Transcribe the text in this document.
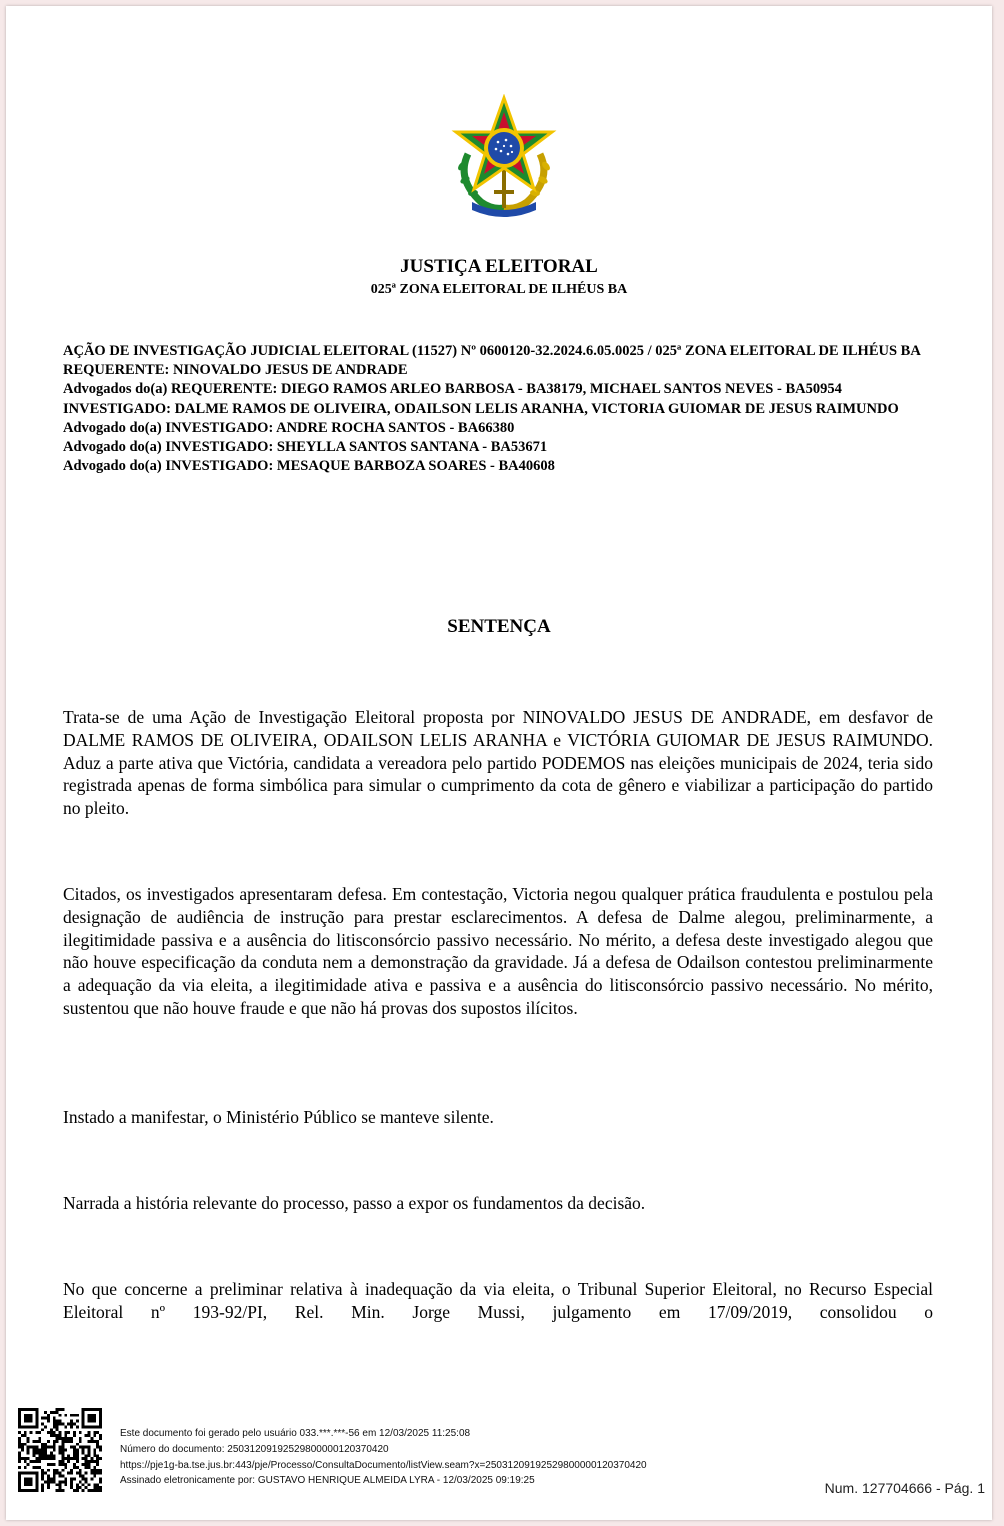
JUSTIÇA ELEITORAL
025ª ZONA ELEITORAL DE ILHÉUS BA
AÇÃO DE INVESTIGAÇÃO JUDICIAL ELEITORAL (11527) Nº 0600120-32.2024.6.05.0025 / 025ª ZONA ELEITORAL DE ILHÉUS BA
REQUERENTE: NINOVALDO JESUS DE ANDRADE
Advogados do(a) REQUERENTE: DIEGO RAMOS ARLEO BARBOSA - BA38179, MICHAEL SANTOS NEVES - BA50954
INVESTIGADO: DALME RAMOS DE OLIVEIRA, ODAILSON LELIS ARANHA, VICTORIA GUIOMAR DE JESUS RAIMUNDO
Advogado do(a) INVESTIGADO: ANDRE ROCHA SANTOS - BA66380
Advogado do(a) INVESTIGADO: SHEYLLA SANTOS SANTANA - BA53671
Advogado do(a) INVESTIGADO: MESAQUE BARBOZA SOARES - BA40608
SENTENÇA

Trata-se de uma Ação de Investigação Eleitoral proposta por NINOVALDO JESUS DE ANDRADE, em desfavor de DALME RAMOS DE OLIVEIRA, ODAILSON LELIS ARANHA e VICTÓRIA GUIOMAR DE JESUS RAIMUNDO. Aduz a parte ativa que Victória, candidata a vereadora pelo partido PODEMOS nas eleições municipais de 2024, teria sido registrada apenas de forma simbólica para simular o cumprimento da cota de gênero e viabilizar a participação do partido no pleito.

Citados, os investigados apresentaram defesa. Em contestação, Victoria negou qualquer prática fraudulenta e postulou pela designação de audiência de instrução para prestar esclarecimentos. A defesa de Dalme alegou, preliminarmente, a ilegitimidade passiva e a ausência do litisconsórcio passivo necessário. No mérito, a defesa deste investigado alegou que não houve especificação da conduta nem a demonstração da gravidade. Já a defesa de Odailson contestou preliminarmente a adequação da via eleita, a ilegitimidade ativa e passiva e a ausência do litisconsórcio passivo necessário. No mérito, sustentou que não houve fraude e que não há provas dos supostos ilícitos.

Instado a manifestar, o Ministério Público se manteve silente.

Narrada a história relevante do processo, passo a expor os fundamentos da decisão.

No que concerne a preliminar relativa à inadequação da via eleita, o Tribunal Superior Eleitoral, no Recurso Especial Eleitoral nº 193-92/PI, Rel. Min. Jorge Mussi, julgamento em 17/09/2019, consolidou o

Este documento foi gerado pelo usuário 033.***.***-56 em 12/03/2025 11:25:08
Número do documento: 25031209192529800000120370420
https://pje1g-ba.tse.jus.br:443/pje/Processo/ConsultaDocumento/listView.seam?x=25031209192529800000120370420
Assinado eletronicamente por: GUSTAVO HENRIQUE ALMEIDA LYRA - 12/03/2025 09:19:25	Num. 127704666 - Pág. 1
